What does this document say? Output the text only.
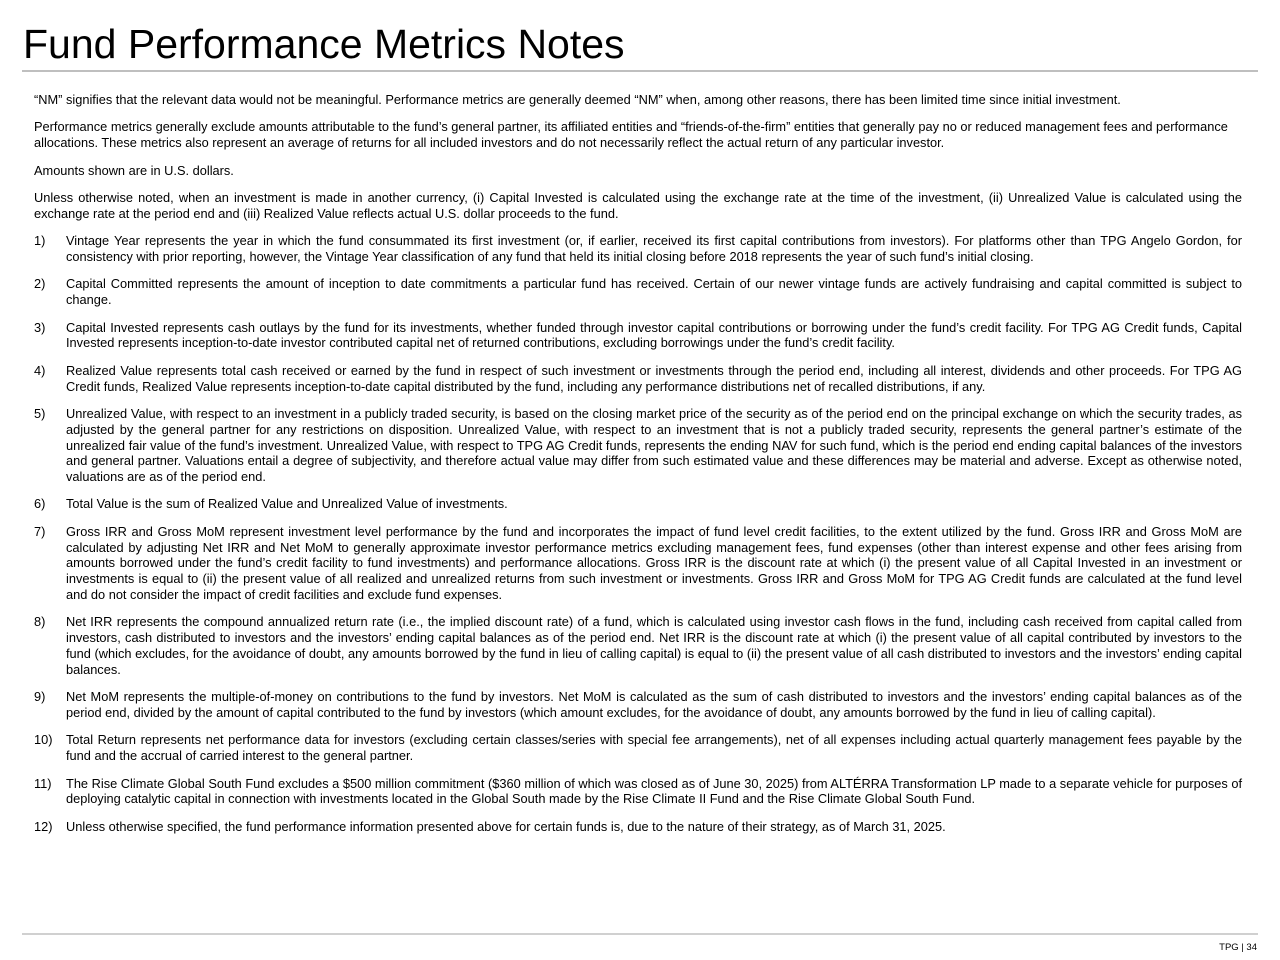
Fund Performance Metrics Notes

“NM” signifies that the relevant data would not be meaningful. Performance metrics are generally deemed “NM” when, among other reasons, there has been limited time since initial investment.

Performance metrics generally exclude amounts attributable to the fund’s general partner, its affiliated entities and “friends-of-the-firm” entities that generally pay no or reduced management fees and performance allocations. These metrics also represent an average of returns for all included investors and do not necessarily reflect the actual return of any particular investor.

Amounts shown are in U.S. dollars.

Unless otherwise noted, when an investment is made in another currency, (i) Capital Invested is calculated using the exchange rate at the time of the investment, (ii) Unrealized Value is calculated using the exchange rate at the period end and (iii) Realized Value reflects actual U.S. dollar proceeds to the fund.

1)	Vintage Year represents the year in which the fund consummated its first investment (or, if earlier, received its first capital contributions from investors). For platforms other than TPG Angelo Gordon, for consistency with prior reporting, however, the Vintage Year classification of any fund that held its initial closing before 2018 represents the year of such fund’s initial closing.
2)	Capital Committed represents the amount of inception to date commitments a particular fund has received. Certain of our newer vintage funds are actively fundraising and capital committed is subject to change.
3)	Capital Invested represents cash outlays by the fund for its investments, whether funded through investor capital contributions or borrowing under the fund’s credit facility. For TPG AG Credit funds, Capital Invested represents inception-to-date investor contributed capital net of returned contributions, excluding borrowings under the fund’s credit facility.
4)	Realized Value represents total cash received or earned by the fund in respect of such investment or investments through the period end, including all interest, dividends and other proceeds. For TPG AG Credit funds, Realized Value represents inception-to-date capital distributed by the fund, including any performance distributions net of recalled distributions, if any.
5)	Unrealized Value, with respect to an investment in a publicly traded security, is based on the closing market price of the security as of the period end on the principal exchange on which the security trades, as adjusted by the general partner for any restrictions on disposition. Unrealized Value, with respect to an investment that is not a publicly traded security, represents the general partner’s estimate of the unrealized fair value of the fund’s investment. Unrealized Value, with respect to TPG AG Credit funds, represents the ending NAV for such fund, which is the period end ending capital balances of the investors and general partner. Valuations entail a degree of subjectivity, and therefore actual value may differ from such estimated value and these differences may be material and adverse. Except as otherwise noted, valuations are as of the period end.
6)	Total Value is the sum of Realized Value and Unrealized Value of investments.
7)	Gross IRR and Gross MoM represent investment level performance by the fund and incorporates the impact of fund level credit facilities, to the extent utilized by the fund. Gross IRR and Gross MoM are calculated by adjusting Net IRR and Net MoM to generally approximate investor performance metrics excluding management fees, fund expenses (other than interest expense and other fees arising from amounts borrowed under the fund’s credit facility to fund investments) and performance allocations. Gross IRR is the discount rate at which (i) the present value of all Capital Invested in an investment or investments is equal to (ii) the present value of all realized and unrealized returns from such investment or investments. Gross IRR and Gross MoM for TPG AG Credit funds are calculated at the fund level and do not consider the impact of credit facilities and exclude fund expenses.
8)	Net IRR represents the compound annualized return rate (i.e., the implied discount rate) of a fund, which is calculated using investor cash flows in the fund, including cash received from capital called from investors, cash distributed to investors and the investors’ ending capital balances as of the period end. Net IRR is the discount rate at which (i) the present value of all capital contributed by investors to the fund (which excludes, for the avoidance of doubt, any amounts borrowed by the fund in lieu of calling capital) is equal to (ii) the present value of all cash distributed to investors and the investors’ ending capital balances.
9)	Net MoM represents the multiple-of-money on contributions to the fund by investors. Net MoM is calculated as the sum of cash distributed to investors and the investors’ ending capital balances as of the period end, divided by the amount of capital contributed to the fund by investors (which amount excludes, for the avoidance of doubt, any amounts borrowed by the fund in lieu of calling capital).
10)	Total Return represents net performance data for investors (excluding certain classes/series with special fee arrangements), net of all expenses including actual quarterly management fees payable by the fund and the accrual of carried interest to the general partner.
11)	The Rise Climate Global South Fund excludes a $500 million commitment ($360 million of which was closed as of June 30, 2025) from ALTÉRRA Transformation LP made to a separate vehicle for purposes of deploying catalytic capital in connection with investments located in the Global South made by the Rise Climate II Fund and the Rise Climate Global South Fund.
12)	Unless otherwise specified, the fund performance information presented above for certain funds is, due to the nature of their strategy, as of March 31, 2025.
TPG | 34
